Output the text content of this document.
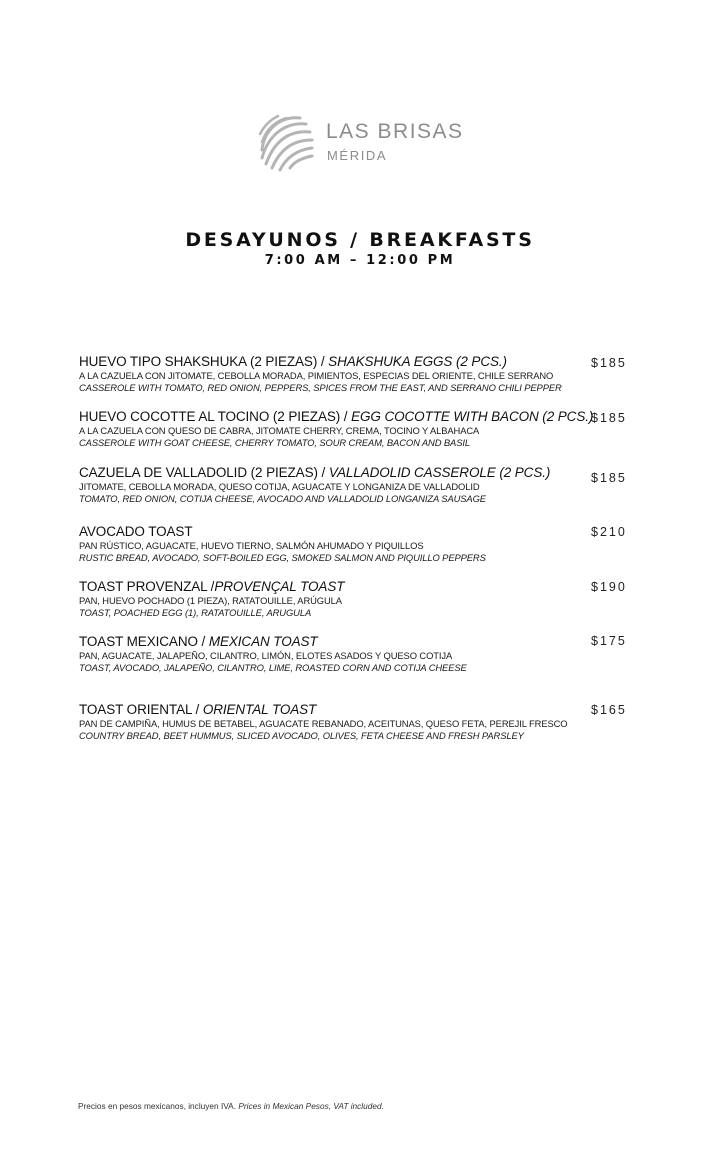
LAS BRISAS
MÉRIDA
DESAYUNOS / BREAKFASTS
7:00 AM – 12:00 PM
HUEVO TIPO SHAKSHUKA (2 PIEZAS) / SHAKSHUKA EGGS (2 PCS.)
A LA CAZUELA CON JITOMATE, CEBOLLA MORADA, PIMIENTOS, ESPECIAS DEL ORIENTE, CHILE SERRANO
CASSEROLE WITH TOMATO, RED ONION, PEPPERS, SPICES FROM THE EAST, AND SERRANO CHILI PEPPER
$185
HUEVO COCOTTE AL TOCINO (2 PIEZAS) / EGG COCOTTE WITH BACON (2 PCS.)
A LA CAZUELA CON QUESO DE CABRA, JITOMATE CHERRY, CREMA, TOCINO Y ALBAHACA
CASSEROLE WITH GOAT CHEESE, CHERRY TOMATO, SOUR CREAM, BACON AND BASIL
$185
CAZUELA DE VALLADOLID (2 PIEZAS) / VALLADOLID CASSEROLE (2 PCS.)
JITOMATE, CEBOLLA MORADA, QUESO COTIJA, AGUACATE Y LONGANIZA DE VALLADOLID
TOMATO, RED ONION, COTIJA CHEESE, AVOCADO AND VALLADOLID LONGANIZA SAUSAGE
$185
AVOCADO TOAST
PAN RÚSTICO, AGUACATE, HUEVO TIERNO, SALMÓN AHUMADO Y PIQUILLOS
RUSTIC BREAD, AVOCADO, SOFT-BOILED EGG, SMOKED SALMON AND PIQUILLO PEPPERS
$210
TOAST PROVENZAL /PROVENÇAL TOAST
PAN, HUEVO POCHADO (1 PIEZA), RATATOUILLE, ARÚGULA
TOAST, POACHED EGG (1), RATATOUILLE, ARUGULA
$190
TOAST MEXICANO / MEXICAN TOAST
PAN, AGUACATE, JALAPEÑO, CILANTRO, LIMÓN, ELOTES ASADOS Y QUESO COTIJA
TOAST, AVOCADO, JALAPEÑO, CILANTRO, LIME, ROASTED CORN AND COTIJA CHEESE
$175
TOAST ORIENTAL / ORIENTAL TOAST
PAN DE CAMPIÑA, HUMUS DE BETABEL, AGUACATE REBANADO, ACEITUNAS, QUESO FETA, PEREJIL FRESCO
COUNTRY BREAD, BEET HUMMUS, SLICED AVOCADO, OLIVES, FETA CHEESE AND FRESH PARSLEY
$165
Precios en pesos mexicanos, incluyen IVA. Prices in Mexican Pesos, VAT included.
